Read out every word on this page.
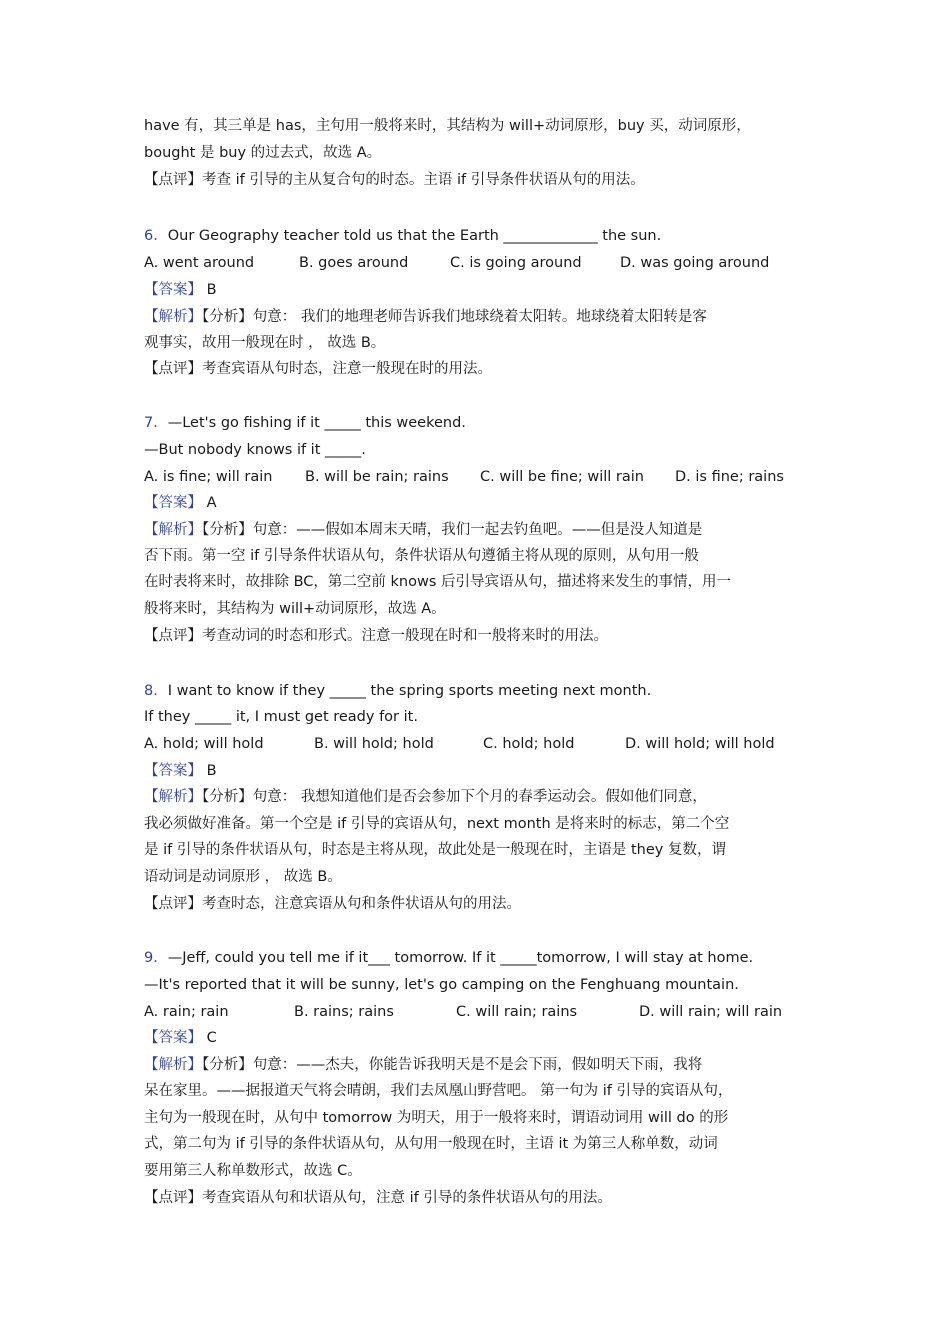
have 有，其三单是 has，主句用一般将来时，其结构为 will+动词原形，buy 买，动词原形，
bought 是 buy 的过去式，故选 A。
【点评】考查 if 引导的主从复合句的时态。主语 if 引导条件状语从句的用法。
6．Our Geography teacher told us that the Earth _____________ the sun.
A. went around	B. goes around	C. is going around	D. was going around
【答案】 B
【解析】【分析】句意： 我们的地理老师告诉我们地球绕着太阳转。地球绕着太阳转是客
观事实，故用一般现在时 ， 故选 B。
【点评】考查宾语从句时态，注意一般现在时的用法。
7．—Let's go fishing if it _____ this weekend.
—But nobody knows if it _____.
A. is fine; will rain B. will be rain; rains C. will be fine; will rain D. is fine; rains
【答案】 A
【解析】【分析】句意：——假如本周末天晴，我们一起去钓鱼吧。——但是没人知道是
否下雨。第一空 if 引导条件状语从句，条件状语从句遵循主将从现的原则，从句用一般
在时表将来时，故排除 BC，第二空前 knows 后引导宾语从句，描述将来发生的事情，用一
般将来时，其结构为 will+动词原形，故选 A。
【点评】考查动词的时态和形式。注意一般现在时和一般将来时的用法。
8．I want to know if they _____ the spring sports meeting next month.
If they _____ it, I must get ready for it.
A. hold; will hold	B. will hold; hold	C. hold; hold	D. will hold; will hold
【答案】 B
【解析】【分析】句意： 我想知道他们是否会参加下个月的春季运动会。假如他们同意，
我必须做好准备。第一个空是 if 引导的宾语从句，next month 是将来时的标志，第二个空
是 if 引导的条件状语从句，时态是主将从现，故此处是一般现在时，主语是 they 复数，谓
语动词是动词原形 ， 故选 B。
【点评】考查时态，注意宾语从句和条件状语从句的用法。
9．—Jeff, could you tell me if it___ tomorrow. If it _____tomorrow, I will stay at home.
—It's reported that it will be sunny, let's go camping on the Fenghuang mountain.
A. rain; rain	B. rains; rains	C. will rain; rains	D. will rain; will rain
【答案】 C
【解析】【分析】句意：——杰夫，你能告诉我明天是不是会下雨，假如明天下雨，我将
呆在家里。——据报道天气将会晴朗，我们去凤凰山野营吧。 第一句为 if 引导的宾语从句，
主句为一般现在时，从句中 tomorrow 为明天，用于一般将来时，谓语动词用 will do 的形
式，第二句为 if 引导的条件状语从句，从句用一般现在时，主语 it 为第三人称单数，动词
要用第三人称单数形式，故选 C。
【点评】考查宾语从句和状语从句，注意 if 引导的条件状语从句的用法。
